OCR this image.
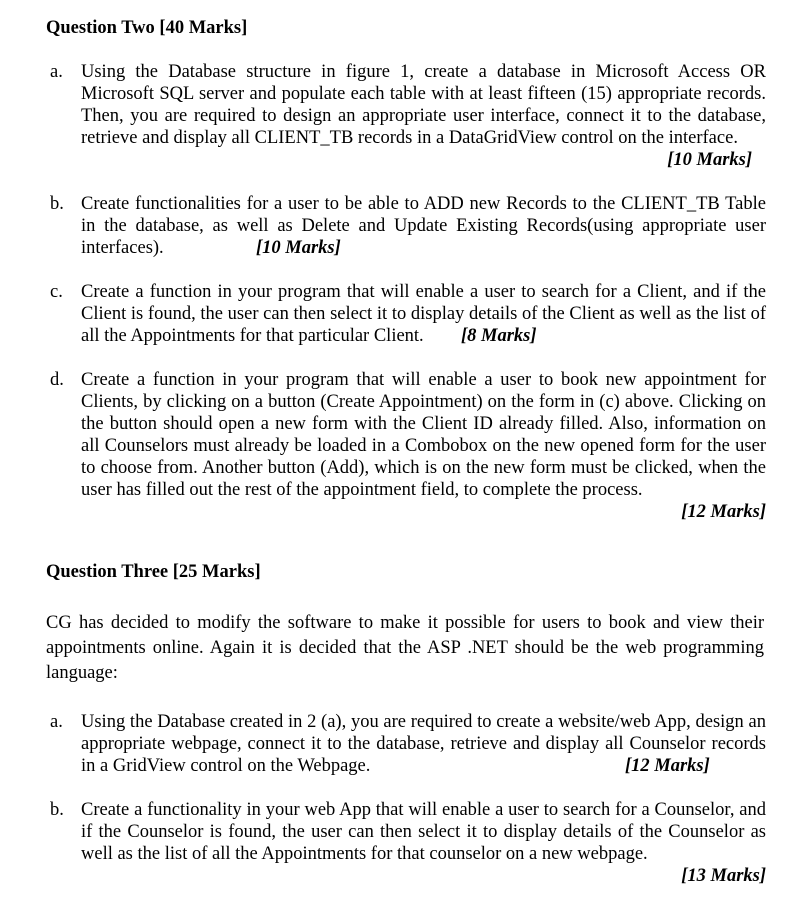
Question Two [40 Marks]
a. Using the Database structure in figure 1, create a database in Microsoft Access OR Microsoft SQL server and populate each table with at least fifteen (15) appropriate records. Then, you are required to design an appropriate user interface, connect it to the database, retrieve and display all CLIENT_TB records in a DataGridView control on the interface.
[10 Marks]
b. Create functionalities for a user to be able to ADD new Records to the CLIENT_TB Table in the database, as well as Delete and Update Existing Records(using appropriate user interfaces).	[10 Marks]
c. Create a function in your program that will enable a user to search for a Client, and if the Client is found, the user can then select it to display details of the Client as well as the list of all the Appointments for that particular Client.	[8 Marks]
d. Create a function in your program that will enable a user to book new appointment for Clients, by clicking on a button (Create Appointment) on the form in (c) above. Clicking on the button should open a new form with the Client ID already filled. Also, information on all Counselors must already be loaded in a Combobox on the new opened form for the user to choose from. Another button (Add), which is on the new form must be clicked, when the user has filled out the rest of the appointment field, to complete the process.
[12 Marks]
Question Three [25 Marks]
CG has decided to modify the software to make it possible for users to book and view their appointments online. Again it is decided that the ASP .NET should be the web programming language:
a. Using the Database created in 2 (a), you are required to create a website/web App, design an appropriate webpage, connect it to the database, retrieve and display all Counselor records in a GridView control on the Webpage.	[12 Marks]
b. Create a functionality in your web App that will enable a user to search for a Counselor, and if the Counselor is found, the user can then select it to display details of the Counselor as well as the list of all the Appointments for that counselor on a new webpage.
[13 Marks]
